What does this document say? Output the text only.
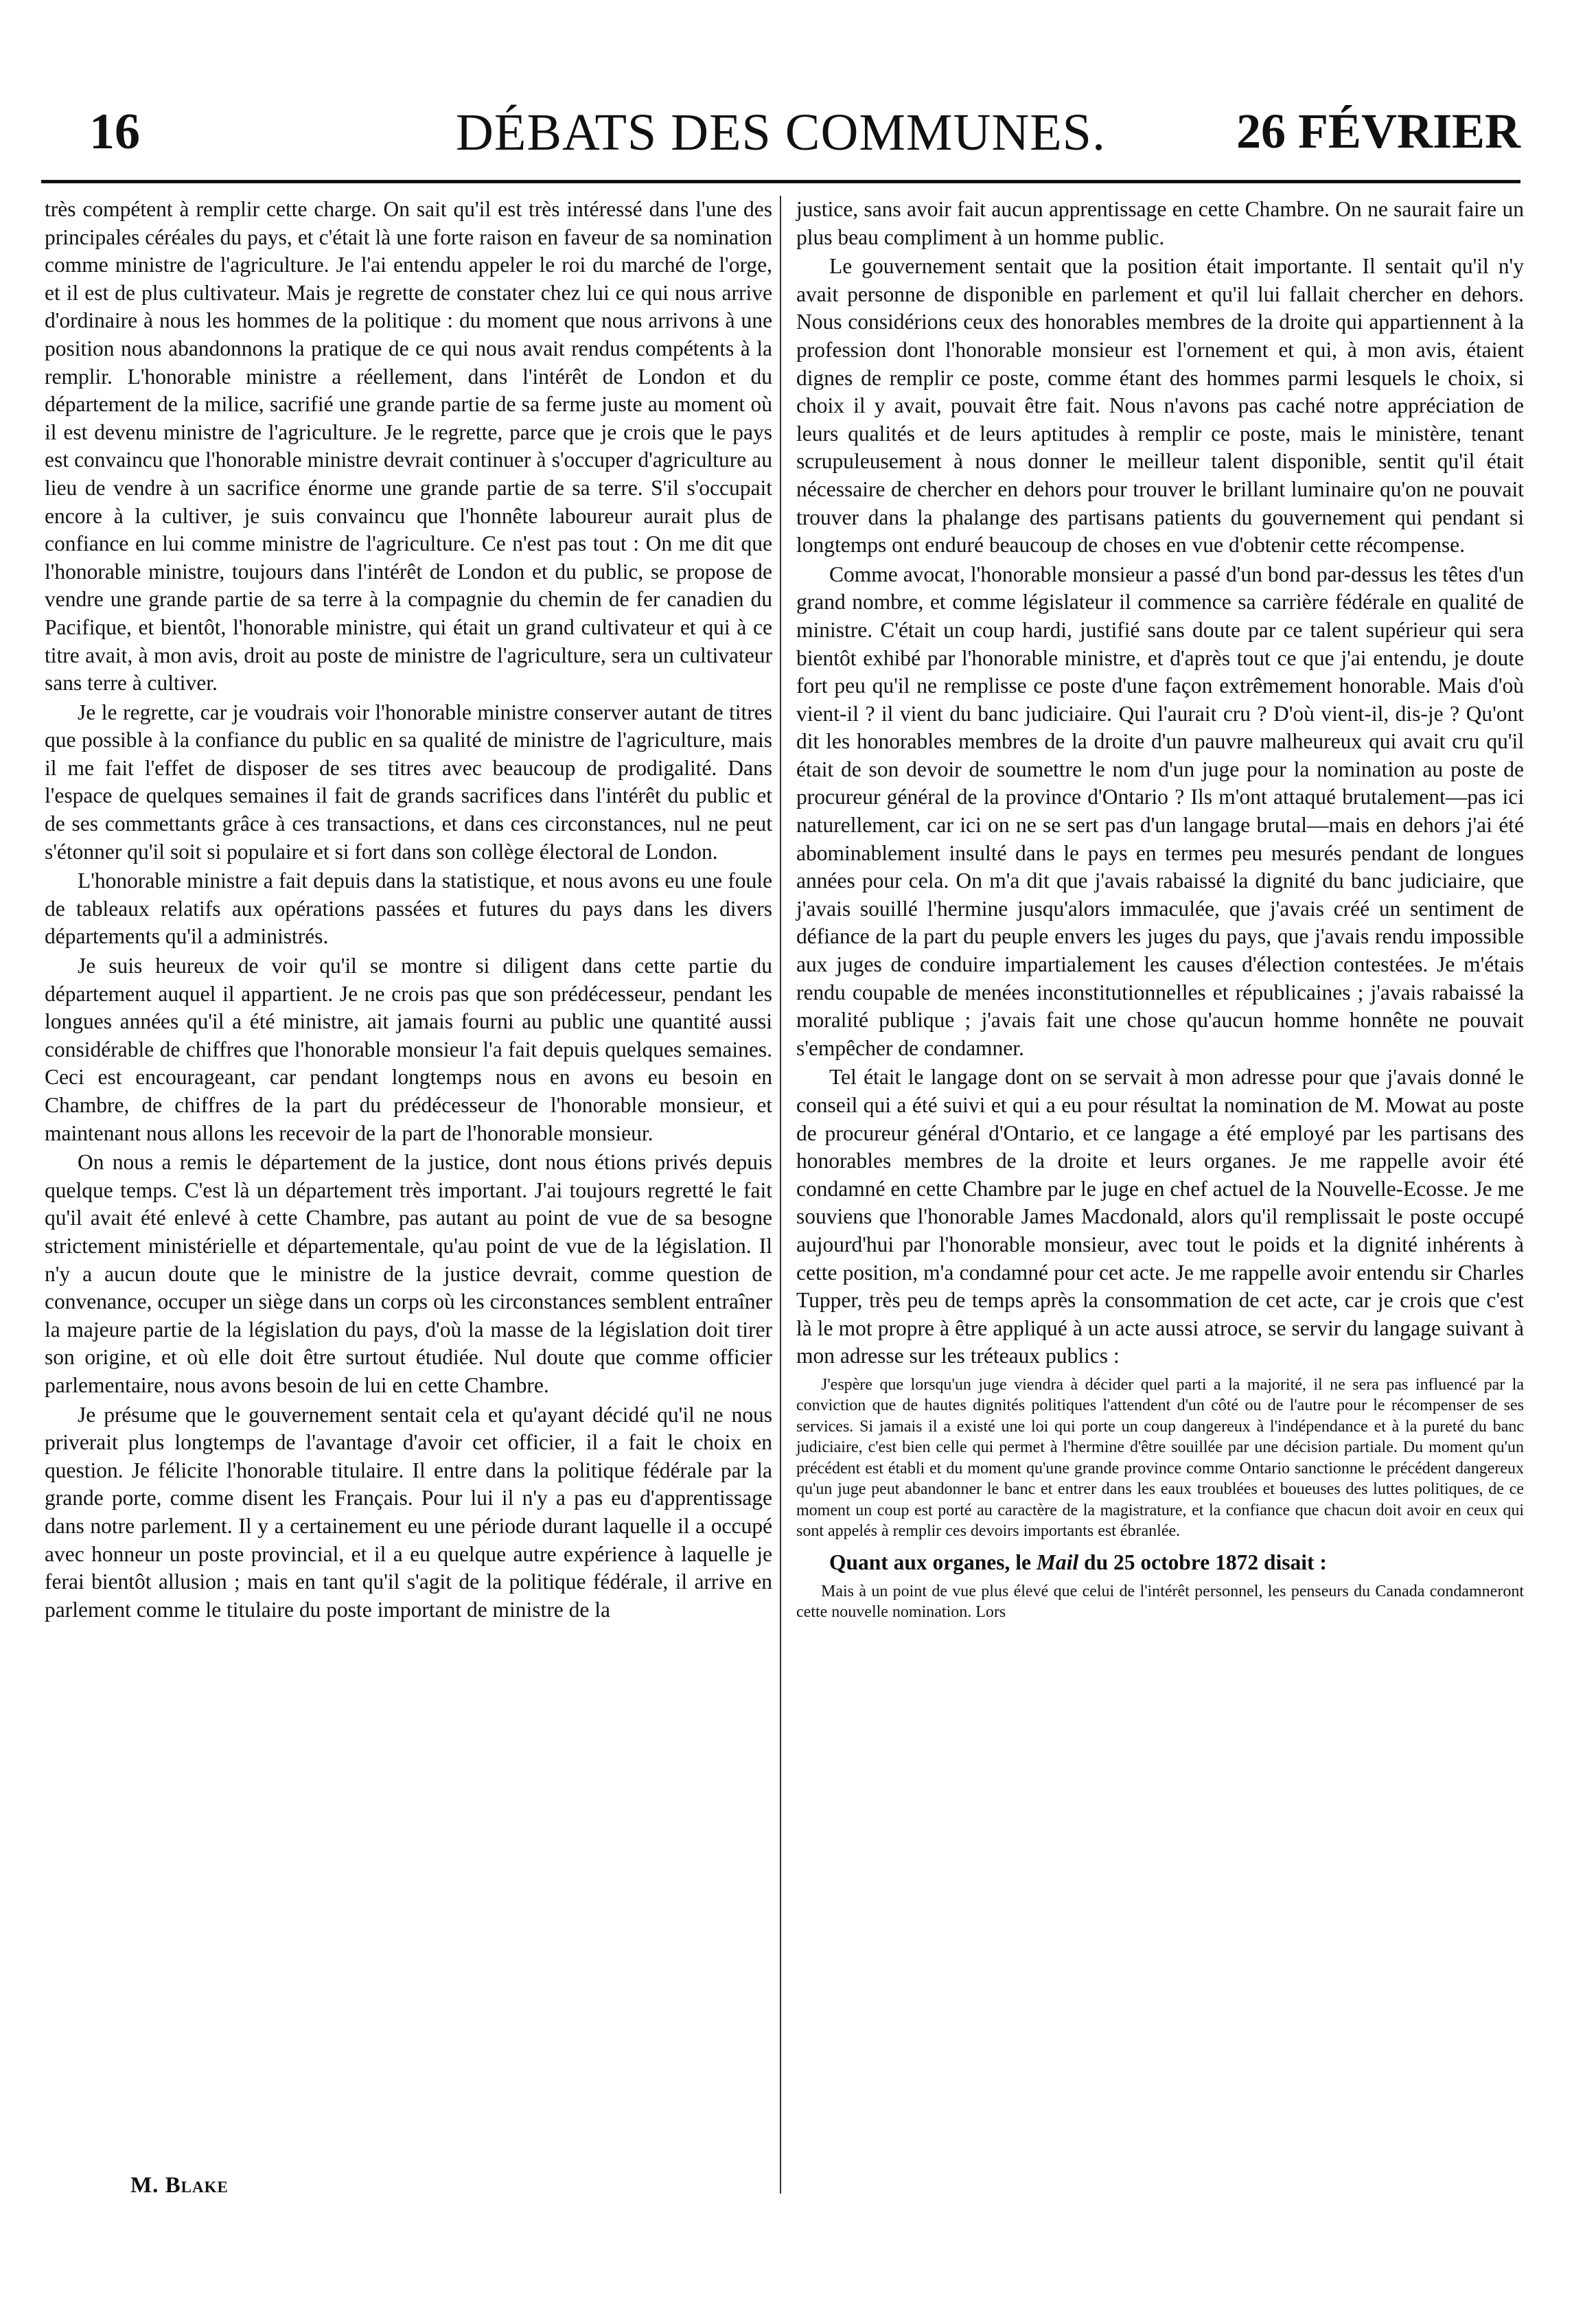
16	DÉBATS DES COMMUNES.	26 FÉVRIER

très compétent à remplir cette charge. On sait qu'il est très intéressé dans l'une des principales céréales du pays, et c'était là une forte raison en faveur de sa nomination comme ministre de l'agriculture. Je l'ai entendu appeler le roi du marché de l'orge, et il est de plus cultivateur. Mais je regrette de constater chez lui ce qui nous arrive d'ordinaire à nous les hommes de la politique : du moment que nous arrivons à une position nous abandonnons la pratique de ce qui nous avait rendus compétents à la remplir. L'honorable ministre a réellement, dans l'intérêt de London et du département de la milice, sacrifié une grande partie de sa ferme juste au moment où il est devenu ministre de l'agriculture. Je le regrette, parce que je crois que le pays est convaincu que l'honorable ministre devrait continuer à s'occuper d'agriculture au lieu de vendre à un sacrifice énorme une grande partie de sa terre. S'il s'occupait encore à la cultiver, je suis convaincu que l'honnête laboureur aurait plus de confiance en lui comme ministre de l'agriculture. Ce n'est pas tout : On me dit que l'honorable ministre, toujours dans l'intérêt de London et du public, se propose de vendre une grande partie de sa terre à la compagnie du chemin de fer canadien du Pacifique, et bientôt, l'honorable ministre, qui était un grand cultivateur et qui à ce titre avait, à mon avis, droit au poste de ministre de l'agriculture, sera un cultivateur sans terre à cultiver.

Je le regrette, car je voudrais voir l'honorable ministre conserver autant de titres que possible à la confiance du public en sa qualité de ministre de l'agriculture, mais il me fait l'effet de disposer de ses titres avec beaucoup de prodigalité. Dans l'espace de quelques semaines il fait de grands sacrifices dans l'intérêt du public et de ses commettants grâce à ces transactions, et dans ces circonstances, nul ne peut s'étonner qu'il soit si populaire et si fort dans son collège électoral de London.

L'honorable ministre a fait depuis dans la statistique, et nous avons eu une foule de tableaux relatifs aux opérations passées et futures du pays dans les divers départements qu'il a administrés.

Je suis heureux de voir qu'il se montre si diligent dans cette partie du département auquel il appartient. Je ne crois pas que son prédécesseur, pendant les longues années qu'il a été ministre, ait jamais fourni au public une quantité aussi considérable de chiffres que l'honorable monsieur l'a fait depuis quelques semaines. Ceci est encourageant, car pendant longtemps nous en avons eu besoin en Chambre, de chiffres de la part du prédécesseur de l'honorable monsieur, et maintenant nous allons les recevoir de la part de l'honorable monsieur.

On nous a remis le département de la justice, dont nous étions privés depuis quelque temps. C'est là un département très important. J'ai toujours regretté le fait qu'il avait été enlevé à cette Chambre, pas autant au point de vue de sa besogne strictement ministérielle et départementale, qu'au point de vue de la législation. Il n'y a aucun doute que le ministre de la justice devrait, comme question de convenance, occuper un siège dans un corps où les circonstances semblent entraîner la majeure partie de la législation du pays, d'où la masse de la législation doit tirer son origine, et où elle doit être surtout étudiée. Nul doute que comme officier parlementaire, nous avons besoin de lui en cette Chambre.

Je présume que le gouvernement sentait cela et qu'ayant décidé qu'il ne nous priverait plus longtemps de l'avantage d'avoir cet officier, il a fait le choix en question. Je félicite l'honorable titulaire. Il entre dans la politique fédérale par la grande porte, comme disent les Français. Pour lui il n'y a pas eu d'apprentissage dans notre parlement. Il y a certainement eu une période durant laquelle il a occupé avec honneur un poste provincial, et il a eu quelque autre expérience à laquelle je ferai bientôt allusion ; mais en tant qu'il s'agit de la politique fédérale, il arrive en parlement comme le titulaire du poste important de ministre de la

justice, sans avoir fait aucun apprentissage en cette Chambre. On ne saurait faire un plus beau compliment à un homme public.

Le gouvernement sentait que la position était importante. Il sentait qu'il n'y avait personne de disponible en parlement et qu'il lui fallait chercher en dehors. Nous considérions ceux des honorables membres de la droite qui appartiennent à la profession dont l'honorable monsieur est l'ornement et qui, à mon avis, étaient dignes de remplir ce poste, comme étant des hommes parmi lesquels le choix, si choix il y avait, pouvait être fait. Nous n'avons pas caché notre appréciation de leurs qualités et de leurs aptitudes à remplir ce poste, mais le ministère, tenant scrupuleusement à nous donner le meilleur talent disponible, sentit qu'il était nécessaire de chercher en dehors pour trouver le brillant luminaire qu'on ne pouvait trouver dans la phalange des partisans patients du gouvernement qui pendant si longtemps ont enduré beaucoup de choses en vue d'obtenir cette récompense.

Comme avocat, l'honorable monsieur a passé d'un bond par-dessus les têtes d'un grand nombre, et comme législateur il commence sa carrière fédérale en qualité de ministre. C'était un coup hardi, justifié sans doute par ce talent supérieur qui sera bientôt exhibé par l'honorable ministre, et d'après tout ce que j'ai entendu, je doute fort peu qu'il ne remplisse ce poste d'une façon extrêmement honorable. Mais d'où vient-il ? il vient du banc judiciaire. Qui l'aurait cru ? D'où vient-il, dis-je ? Qu'ont dit les honorables membres de la droite d'un pauvre malheureux qui avait cru qu'il était de son devoir de soumettre le nom d'un juge pour la nomination au poste de procureur général de la province d'Ontario ? Ils m'ont attaqué brutalement—pas ici naturellement, car ici on ne se sert pas d'un langage brutal—mais en dehors j'ai été abominablement insulté dans le pays en termes peu mesurés pendant de longues années pour cela. On m'a dit que j'avais rabaissé la dignité du banc judiciaire, que j'avais souillé l'hermine jusqu'alors immaculée, que j'avais créé un sentiment de défiance de la part du peuple envers les juges du pays, que j'avais rendu impossible aux juges de conduire impartialement les causes d'élection contestées. Je m'étais rendu coupable de menées inconstitutionnelles et républicaines ; j'avais rabaissé la moralité publique ; j'avais fait une chose qu'aucun homme honnête ne pouvait s'empêcher de condamner.

Tel était le langage dont on se servait à mon adresse pour que j'avais donné le conseil qui a été suivi et qui a eu pour résultat la nomination de M. Mowat au poste de procureur général d'Ontario, et ce langage a été employé par les partisans des honorables membres de la droite et leurs organes. Je me rappelle avoir été condamné en cette Chambre par le juge en chef actuel de la Nouvelle-Ecosse. Je me souviens que l'honorable James Macdonald, alors qu'il remplissait le poste occupé aujourd'hui par l'honorable monsieur, avec tout le poids et la dignité inhérents à cette position, m'a condamné pour cet acte. Je me rappelle avoir entendu sir Charles Tupper, très peu de temps après la consommation de cet acte, car je crois que c'est là le mot propre à être appliqué à un acte aussi atroce, se servir du langage suivant à mon adresse sur les tréteaux publics :

J'espère que lorsqu'un juge viendra à décider quel parti a la majorité, il ne sera pas influencé par la conviction que de hautes dignités politiques l'attendent d'un côté ou de l'autre pour le récompenser de ses services. Si jamais il a existé une loi qui porte un coup dangereux à l'indépendance et à la pureté du banc judiciaire, c'est bien celle qui permet à l'hermine d'être souillée par une décision partiale. Du moment qu'un précédent est établi et du moment qu'une grande province comme Ontario sanctionne le précédent dangereux qu'un juge peut abandonner le banc et entrer dans les eaux troublées et boueuses des luttes politiques, de ce moment un coup est porté au caractère de la magistrature, et la confiance que chacun doit avoir en ceux qui sont appelés à remplir ces devoirs importants est ébranlée.

Quant aux organes, le Mail du 25 octobre 1872 disait :

Mais à un point de vue plus élevé que celui de l'intérêt personnel, les penseurs du Canada condamneront cette nouvelle nomination. Lors

M. Blake
